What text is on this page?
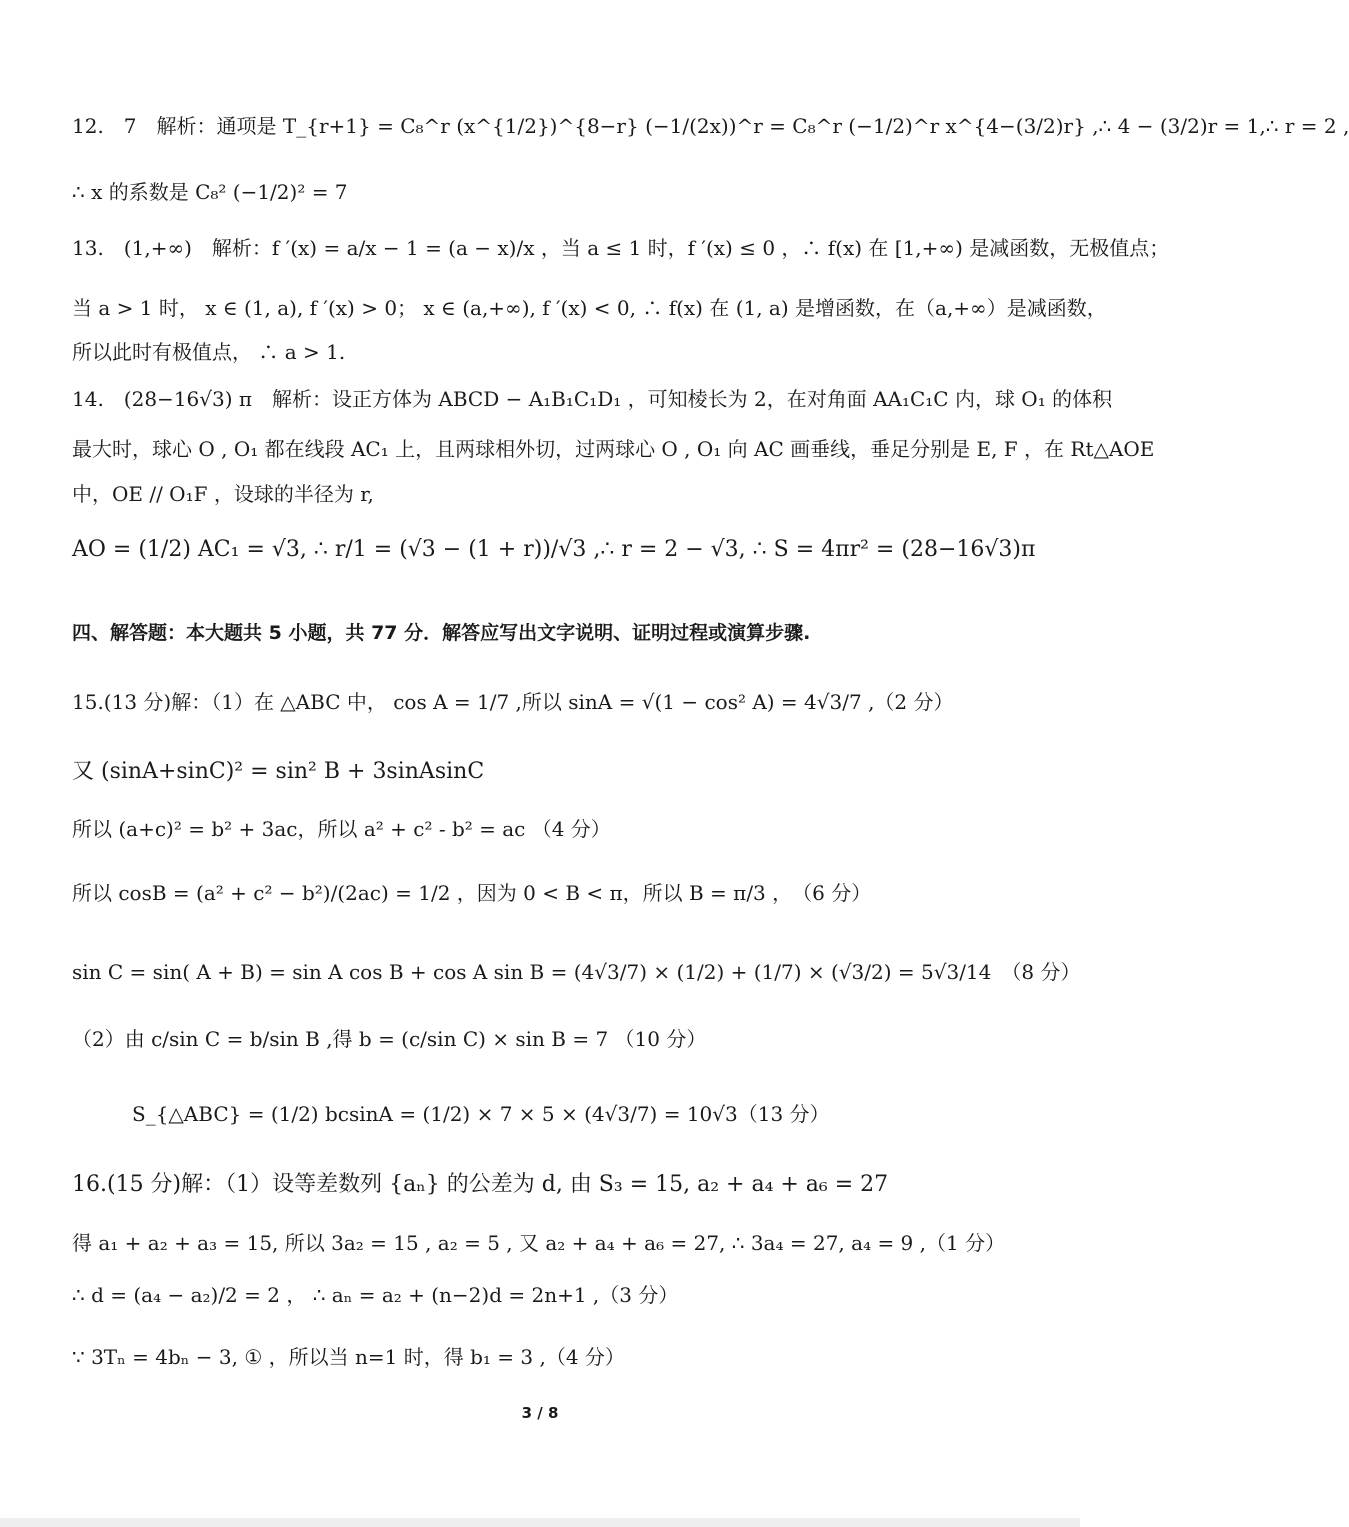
12.　7　解析：通项是 T_{r+1} = C₈^r (x^{1/2})^{8−r} (−1/(2x))^r = C₈^r (−1/2)^r x^{4−(3/2)r} ,∴ 4 − (3/2)r = 1,∴ r = 2 ,
∴ x 的系数是 C₈² (−1/2)² = 7
13.　(1,+∞)　解析：f ′(x) = a/x − 1 = (a − x)/x ，当 a ≤ 1 时，f ′(x) ≤ 0 ，∴ f(x) 在 [1,+∞) 是减函数，无极值点；
当 a > 1 时， x ∈ (1, a), f ′(x) > 0； x ∈ (a,+∞), f ′(x) < 0, ∴ f(x) 在 (1, a) 是增函数，在（a,+∞）是减函数，
所以此时有极值点， ∴ a > 1.
14.　(28−16√3) π　解析：设正方体为 ABCD − A₁B₁C₁D₁ ，可知棱长为 2，在对角面 AA₁C₁C 内，球 O₁ 的体积
最大时，球心 O , O₁ 都在线段 AC₁ 上，且两球相外切，过两球心 O , O₁ 向 AC 画垂线，垂足分别是 E, F ，在 Rt△AOE
中，OE // O₁F ，设球的半径为 r,
AO = (1/2) AC₁ = √3, ∴ r/1 = (√3 − (1 + r))/√3 ,∴ r = 2 − √3, ∴ S = 4πr² = (28−16√3)π
四、解答题：本大题共 5 小题，共 77 分．解答应写出文字说明、证明过程或演算步骤.
15.(13 分)解：（1）在 △ABC 中， cos A = 1/7 ,所以 sinA = √(1 − cos² A) = 4√3/7 ,（2 分）
又 (sinA+sinC)² = sin² B + 3sinAsinC
所以 (a+c)² = b² + 3ac，所以 a² + c² - b² = ac （4 分）
所以 cosB = (a² + c² − b²)/(2ac) = 1/2 ，因为 0 < B < π，所以 B = π/3 ，　（6 分）
sin C = sin( A + B) = sin A cos B + cos A sin B = (4√3/7) × (1/2) + (1/7) × (√3/2) = 5√3/14　（8 分）
（2）由 c/sin C = b/sin B ,得 b = (c/sin C) × sin B = 7 （10 分）
S_{△ABC} = (1/2) bcsinA = (1/2) × 7 × 5 × (4√3/7) = 10√3（13 分）
16.(15 分)解：（1）设等差数列 {aₙ} 的公差为 d, 由 S₃ = 15, a₂ + a₄ + a₆ = 27
得 a₁ + a₂ + a₃ = 15, 所以 3a₂ = 15 , a₂ = 5 , 又 a₂ + a₄ + a₆ = 27, ∴ 3a₄ = 27, a₄ = 9 ,（1 分）
∴ d = (a₄ − a₂)/2 = 2 ， ∴ aₙ = a₂ + (n−2)d = 2n+1 ,（3 分）
∵ 3Tₙ = 4bₙ − 3, ① ，所以当 n=1 时，得 b₁ = 3 ,（4 分）
3 / 8
